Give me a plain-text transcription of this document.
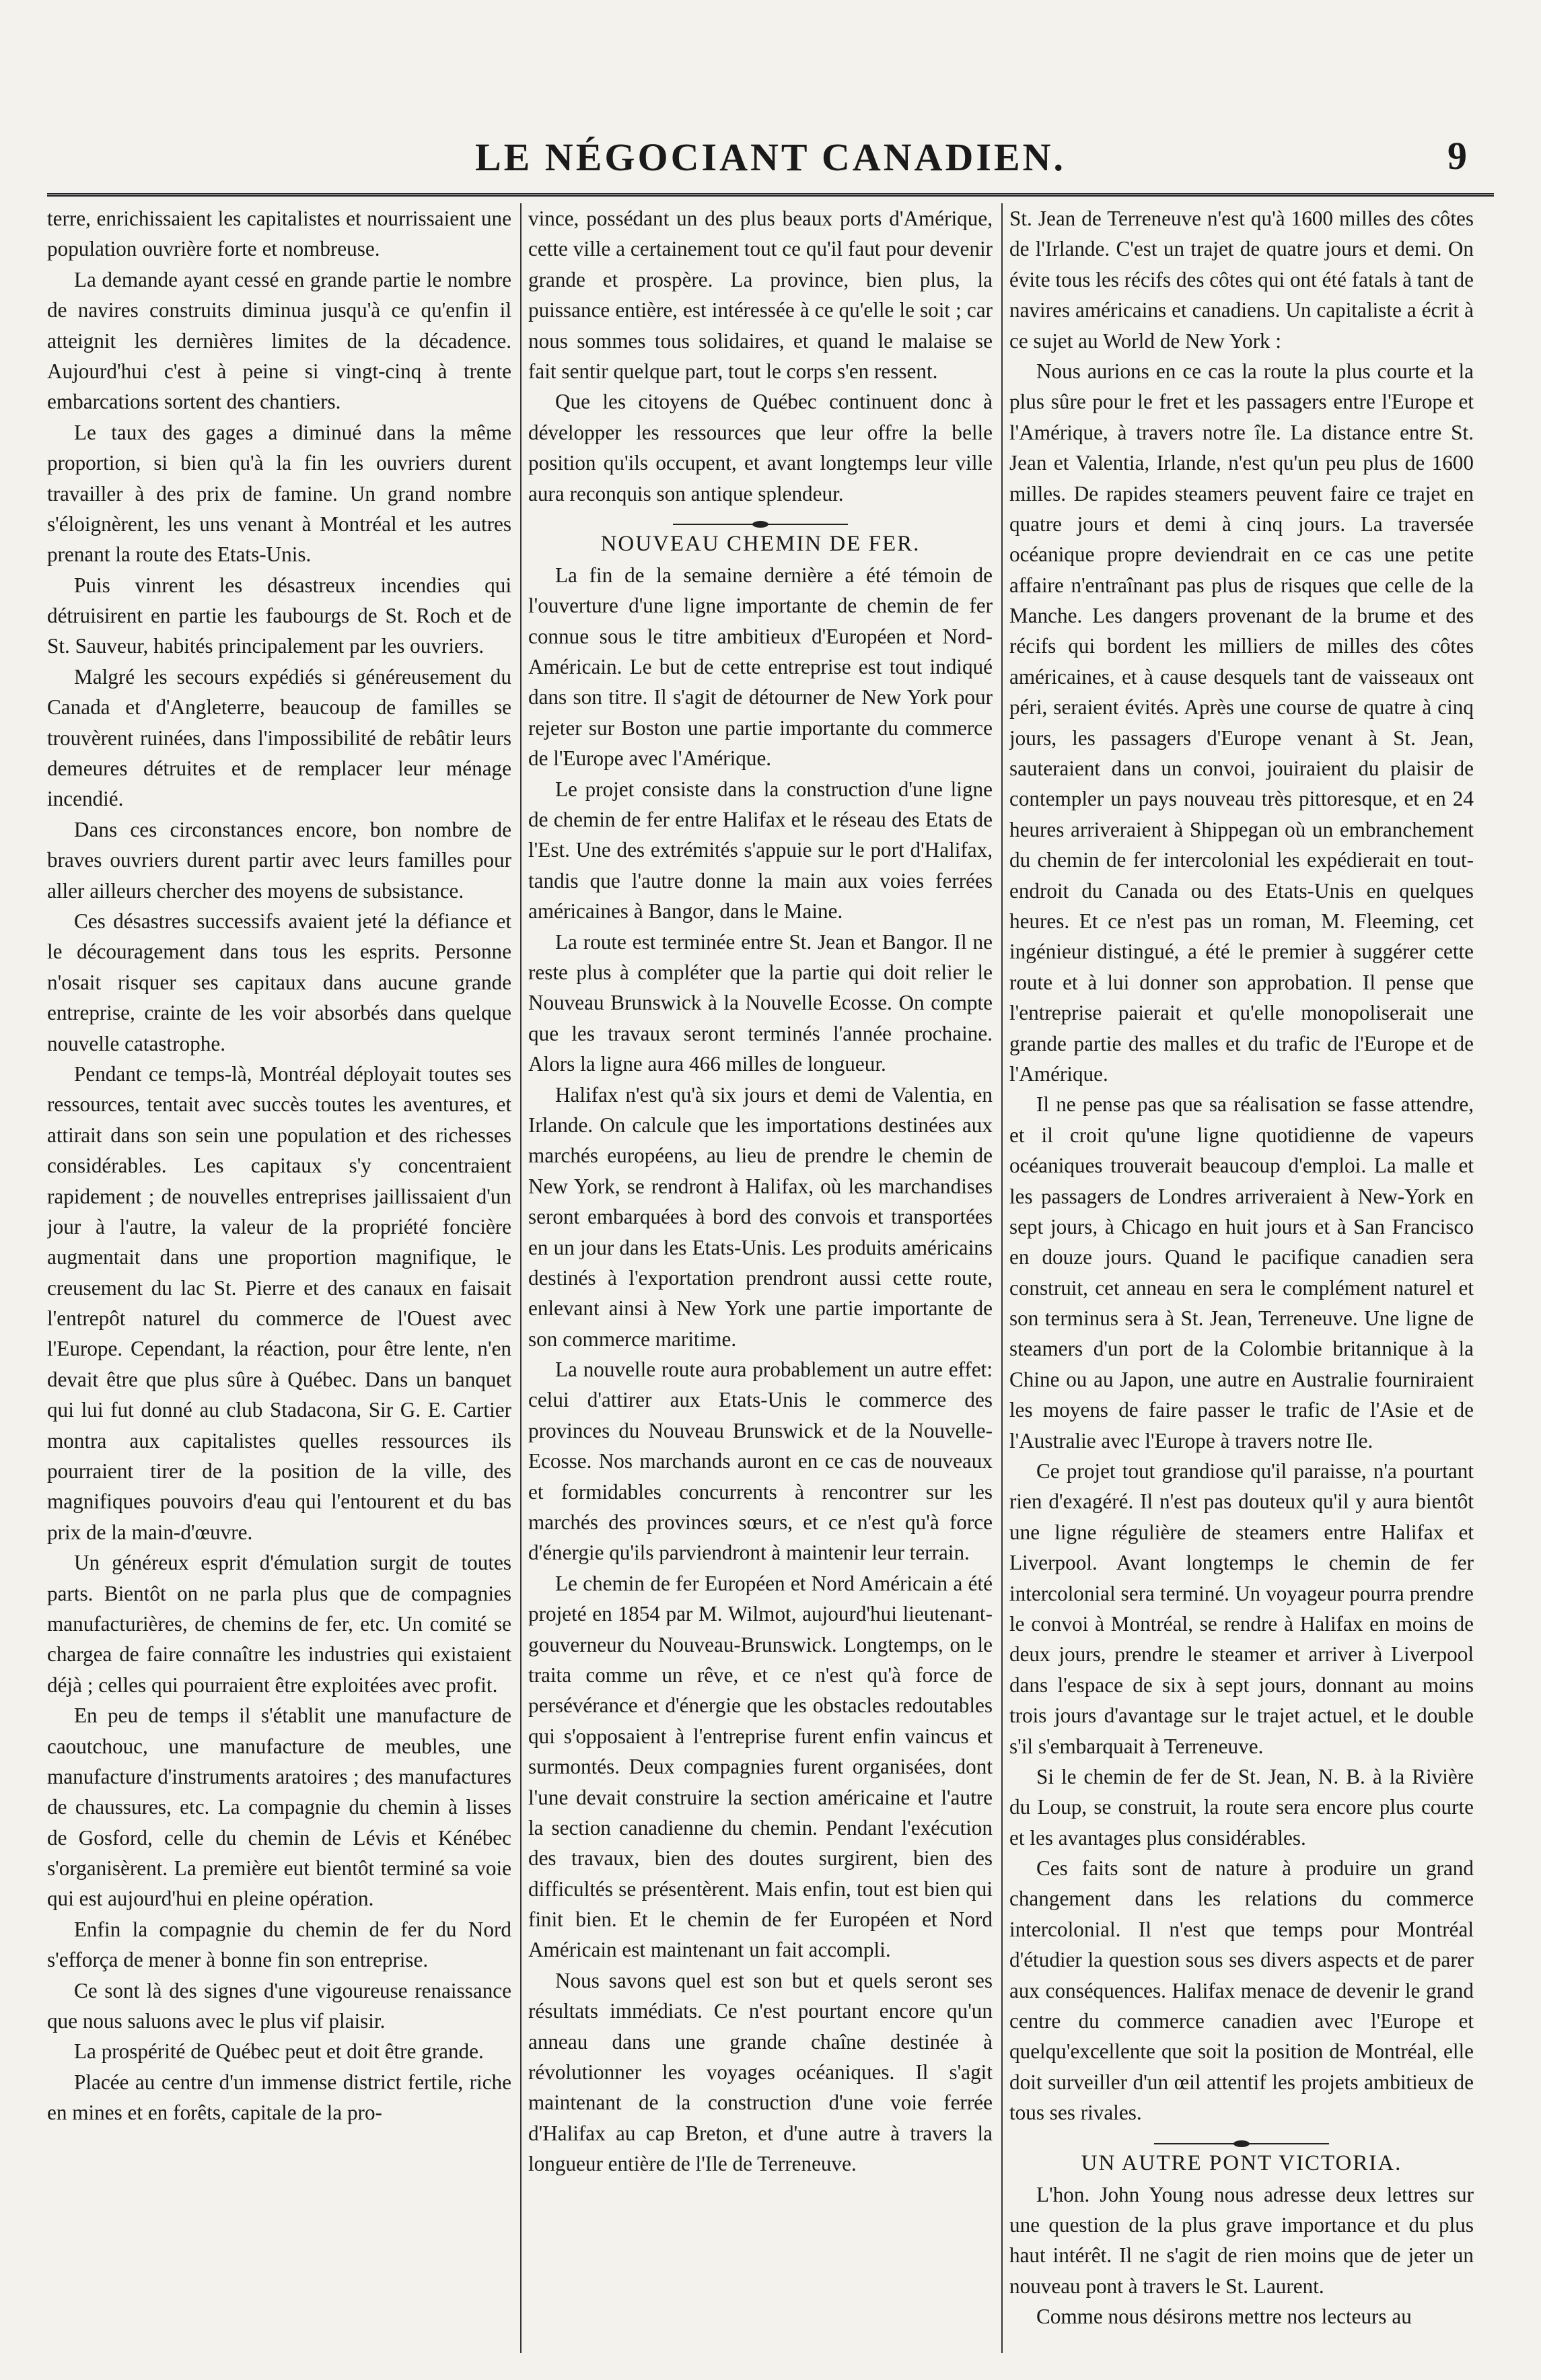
LE NÉGOCIANT CANADIEN.	9

terre, enrichissaient les capitalistes et nourrissaient une population ouvrière forte et nombreuse.

La demande ayant cessé en grande partie le nombre de navires construits diminua jusqu'à ce qu'enfin il atteignit les dernières limites de la décadence. Aujourd'hui c'est à peine si vingt-cinq à trente embarcations sortent des chantiers.

Le taux des gages a diminué dans la même proportion, si bien qu'à la fin les ouvriers durent travailler à des prix de famine. Un grand nombre s'éloignèrent, les uns venant à Montréal et les autres prenant la route des Etats-Unis.

Puis vinrent les désastreux incendies qui détruisirent en partie les faubourgs de St. Roch et de St. Sauveur, habités principalement par les ouvriers.

Malgré les secours expédiés si généreusement du Canada et d'Angleterre, beaucoup de familles se trouvèrent ruinées, dans l'impossibilité de rebâtir leurs demeures détruites et de remplacer leur ménage incendié.

Dans ces circonstances encore, bon nombre de braves ouvriers durent partir avec leurs familles pour aller ailleurs chercher des moyens de subsistance.

Ces désastres successifs avaient jeté la défiance et le découragement dans tous les esprits. Personne n'osait risquer ses capitaux dans aucune grande entreprise, crainte de les voir absorbés dans quelque nouvelle catastrophe.

Pendant ce temps-là, Montréal déployait toutes ses ressources, tentait avec succès toutes les aventures, et attirait dans son sein une population et des richesses considérables. Les capitaux s'y concentraient rapidement ; de nouvelles entreprises jaillissaient d'un jour à l'autre, la valeur de la propriété foncière augmentait dans une proportion magnifique, le creusement du lac St. Pierre et des canaux en faisait l'entrepôt naturel du commerce de l'Ouest avec l'Europe. Cependant, la réaction, pour être lente, n'en devait être que plus sûre à Québec. Dans un banquet qui lui fut donné au club Stadacona, Sir G. E. Cartier montra aux capitalistes quelles ressources ils pourraient tirer de la position de la ville, des magnifiques pouvoirs d'eau qui l'entourent et du bas prix de la main-d'œuvre.

Un généreux esprit d'émulation surgit de toutes parts. Bientôt on ne parla plus que de compagnies manufacturières, de chemins de fer, etc. Un comité se chargea de faire connaître les industries qui existaient déjà ; celles qui pourraient être exploitées avec profit.

En peu de temps il s'établit une manufacture de caoutchouc, une manufacture de meubles, une manufacture d'instruments aratoires ; des manufactures de chaussures, etc. La compagnie du chemin à lisses de Gosford, celle du chemin de Lévis et Kénébec s'organisèrent. La première eut bientôt terminé sa voie qui est aujourd'hui en pleine opération.

Enfin la compagnie du chemin de fer du Nord s'efforça de mener à bonne fin son entreprise.

Ce sont là des signes d'une vigoureuse renaissance que nous saluons avec le plus vif plaisir.

La prospérité de Québec peut et doit être grande.

Placée au centre d'un immense district fertile, riche en mines et en forêts, capitale de la pro-

vince, possédant un des plus beaux ports d'Amérique, cette ville a certainement tout ce qu'il faut pour devenir grande et prospère. La province, bien plus, la puissance entière, est intéressée à ce qu'elle le soit ; car nous sommes tous solidaires, et quand le malaise se fait sentir quelque part, tout le corps s'en ressent.

Que les citoyens de Québec continuent donc à développer les ressources que leur offre la belle position qu'ils occupent, et avant longtemps leur ville aura reconquis son antique splendeur.

NOUVEAU CHEMIN DE FER.

La fin de la semaine dernière a été témoin de l'ouverture d'une ligne importante de chemin de fer connue sous le titre ambitieux d'Européen et Nord-Américain. Le but de cette entreprise est tout indiqué dans son titre. Il s'agit de détourner de New York pour rejeter sur Boston une partie importante du commerce de l'Europe avec l'Amérique.

Le projet consiste dans la construction d'une ligne de chemin de fer entre Halifax et le réseau des Etats de l'Est. Une des extrémités s'appuie sur le port d'Halifax, tandis que l'autre donne la main aux voies ferrées américaines à Bangor, dans le Maine.

La route est terminée entre St. Jean et Bangor. Il ne reste plus à compléter que la partie qui doit relier le Nouveau Brunswick à la Nouvelle Ecosse. On compte que les travaux seront terminés l'année prochaine. Alors la ligne aura 466 milles de longueur.

Halifax n'est qu'à six jours et demi de Valentia, en Irlande. On calcule que les importations destinées aux marchés européens, au lieu de prendre le chemin de New York, se rendront à Halifax, où les marchandises seront embarquées à bord des convois et transportées en un jour dans les Etats-Unis. Les produits américains destinés à l'exportation prendront aussi cette route, enlevant ainsi à New York une partie importante de son commerce maritime.

La nouvelle route aura probablement un autre effet: celui d'attirer aux Etats-Unis le commerce des provinces du Nouveau Brunswick et de la Nouvelle-Ecosse. Nos marchands auront en ce cas de nouveaux et formidables concurrents à rencontrer sur les marchés des provinces sœurs, et ce n'est qu'à force d'énergie qu'ils parviendront à maintenir leur terrain.

Le chemin de fer Européen et Nord Américain a été projeté en 1854 par M. Wilmot, aujourd'hui lieutenant-gouverneur du Nouveau-Brunswick. Longtemps, on le traita comme un rêve, et ce n'est qu'à force de persévérance et d'énergie que les obstacles redoutables qui s'opposaient à l'entreprise furent enfin vaincus et surmontés. Deux compagnies furent organisées, dont l'une devait construire la section américaine et l'autre la section canadienne du chemin. Pendant l'exécution des travaux, bien des doutes surgirent, bien des difficultés se présentèrent. Mais enfin, tout est bien qui finit bien. Et le chemin de fer Européen et Nord Américain est maintenant un fait accompli.

Nous savons quel est son but et quels seront ses résultats immédiats. Ce n'est pourtant encore qu'un anneau dans une grande chaîne destinée à révolutionner les voyages océaniques. Il s'agit maintenant de la construction d'une voie ferrée d'Halifax au cap Breton, et d'une autre à travers la longueur entière de l'Ile de Terreneuve.

St. Jean de Terreneuve n'est qu'à 1600 milles des côtes de l'Irlande. C'est un trajet de quatre jours et demi. On évite tous les récifs des côtes qui ont été fatals à tant de navires américains et canadiens. Un capitaliste a écrit à ce sujet au World de New York :

Nous aurions en ce cas la route la plus courte et la plus sûre pour le fret et les passagers entre l'Europe et l'Amérique, à travers notre île. La distance entre St. Jean et Valentia, Irlande, n'est qu'un peu plus de 1600 milles. De rapides steamers peuvent faire ce trajet en quatre jours et demi à cinq jours. La traversée océanique propre deviendrait en ce cas une petite affaire n'entraînant pas plus de risques que celle de la Manche. Les dangers provenant de la brume et des récifs qui bordent les milliers de milles des côtes américaines, et à cause desquels tant de vaisseaux ont péri, seraient évités. Après une course de quatre à cinq jours, les passagers d'Europe venant à St. Jean, sauteraient dans un convoi, jouiraient du plaisir de contempler un pays nouveau très pittoresque, et en 24 heures arriveraient à Shippegan où un embranchement du chemin de fer intercolonial les expédierait en tout-endroit du Canada ou des Etats-Unis en quelques heures. Et ce n'est pas un roman, M. Fleeming, cet ingénieur distingué, a été le premier à suggérer cette route et à lui donner son approbation. Il pense que l'entreprise paierait et qu'elle monopoliserait une grande partie des malles et du trafic de l'Europe et de l'Amérique.

Il ne pense pas que sa réalisation se fasse attendre, et il croit qu'une ligne quotidienne de vapeurs océaniques trouverait beaucoup d'emploi. La malle et les passagers de Londres arriveraient à New-York en sept jours, à Chicago en huit jours et à San Francisco en douze jours. Quand le pacifique canadien sera construit, cet anneau en sera le complément naturel et son terminus sera à St. Jean, Terreneuve. Une ligne de steamers d'un port de la Colombie britannique à la Chine ou au Japon, une autre en Australie fourniraient les moyens de faire passer le trafic de l'Asie et de l'Australie avec l'Europe à travers notre Ile.

Ce projet tout grandiose qu'il paraisse, n'a pourtant rien d'exagéré. Il n'est pas douteux qu'il y aura bientôt une ligne régulière de steamers entre Halifax et Liverpool. Avant longtemps le chemin de fer intercolonial sera terminé. Un voyageur pourra prendre le convoi à Montréal, se rendre à Halifax en moins de deux jours, prendre le steamer et arriver à Liverpool dans l'espace de six à sept jours, donnant au moins trois jours d'avantage sur le trajet actuel, et le double s'il s'embarquait à Terreneuve.

Si le chemin de fer de St. Jean, N. B. à la Rivière du Loup, se construit, la route sera encore plus courte et les avantages plus considérables.

Ces faits sont de nature à produire un grand changement dans les relations du commerce intercolonial. Il n'est que temps pour Montréal d'étudier la question sous ses divers aspects et de parer aux conséquences. Halifax menace de devenir le grand centre du commerce canadien avec l'Europe et quelqu'excellente que soit la position de Montréal, elle doit surveiller d'un œil attentif les projets ambitieux de tous ses rivales.

UN AUTRE PONT VICTORIA.

L'hon. John Young nous adresse deux lettres sur une question de la plus grave importance et du plus haut intérêt. Il ne s'agit de rien moins que de jeter un nouveau pont à travers le St. Laurent.

Comme nous désirons mettre nos lecteurs au
